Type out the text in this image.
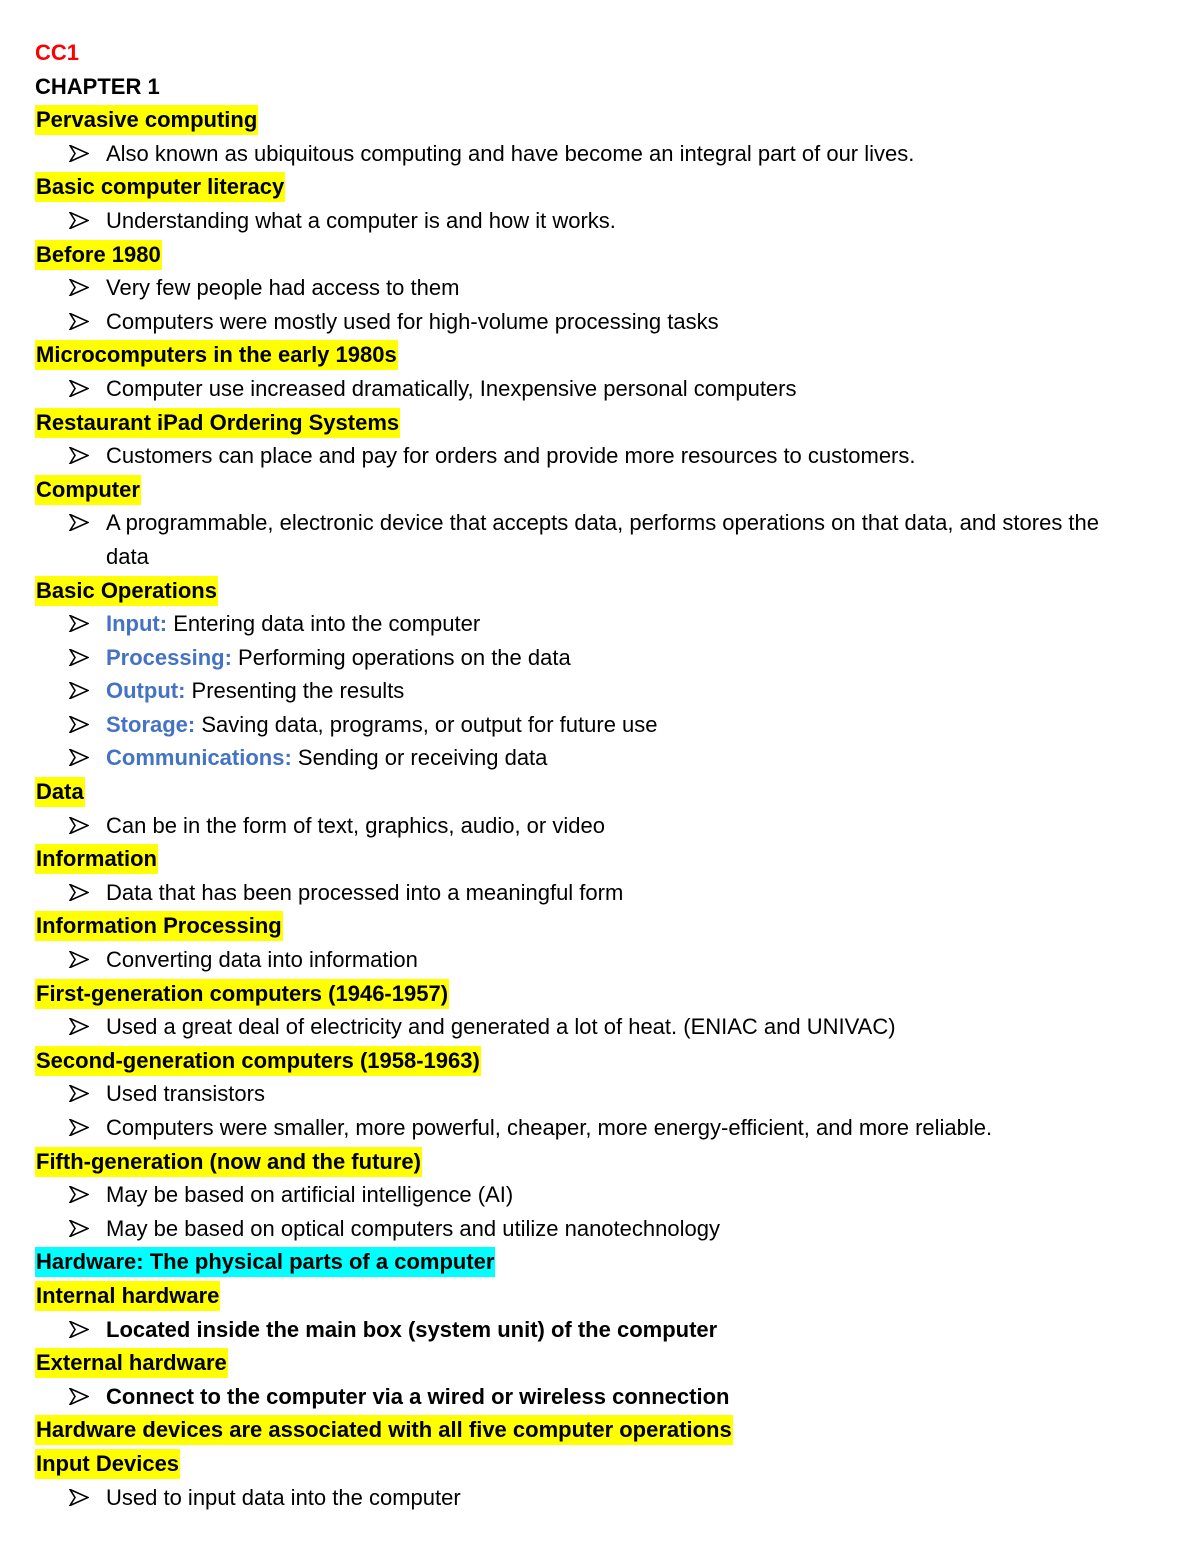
CC1
CHAPTER 1
Pervasive computing
Also known as ubiquitous computing and have become an integral part of our lives.
Basic computer literacy
Understanding what a computer is and how it works.
Before 1980
Very few people had access to them
Computers were mostly used for high-volume processing tasks
Microcomputers in the early 1980s
Computer use increased dramatically, Inexpensive personal computers
Restaurant iPad Ordering Systems
Customers can place and pay for orders and provide more resources to customers.
Computer
A programmable, electronic device that accepts data, performs operations on that data, and stores the data
Basic Operations
Input: Entering data into the computer
Processing: Performing operations on the data
Output: Presenting the results
Storage: Saving data, programs, or output for future use
Communications: Sending or receiving data
Data
Can be in the form of text, graphics, audio, or video
Information
Data that has been processed into a meaningful form
Information Processing
Converting data into information
First-generation computers (1946-1957)
Used a great deal of electricity and generated a lot of heat. (ENIAC and UNIVAC)
Second-generation computers (1958-1963)
Used transistors
Computers were smaller, more powerful, cheaper, more energy-efficient, and more reliable.
Fifth-generation (now and the future)
May be based on artificial intelligence (AI)
May be based on optical computers and utilize nanotechnology
Hardware: The physical parts of a computer
Internal hardware
Located inside the main box (system unit) of the computer
External hardware
Connect to the computer via a wired or wireless connection
Hardware devices are associated with all five computer operations
Input Devices
Used to input data into the computer
